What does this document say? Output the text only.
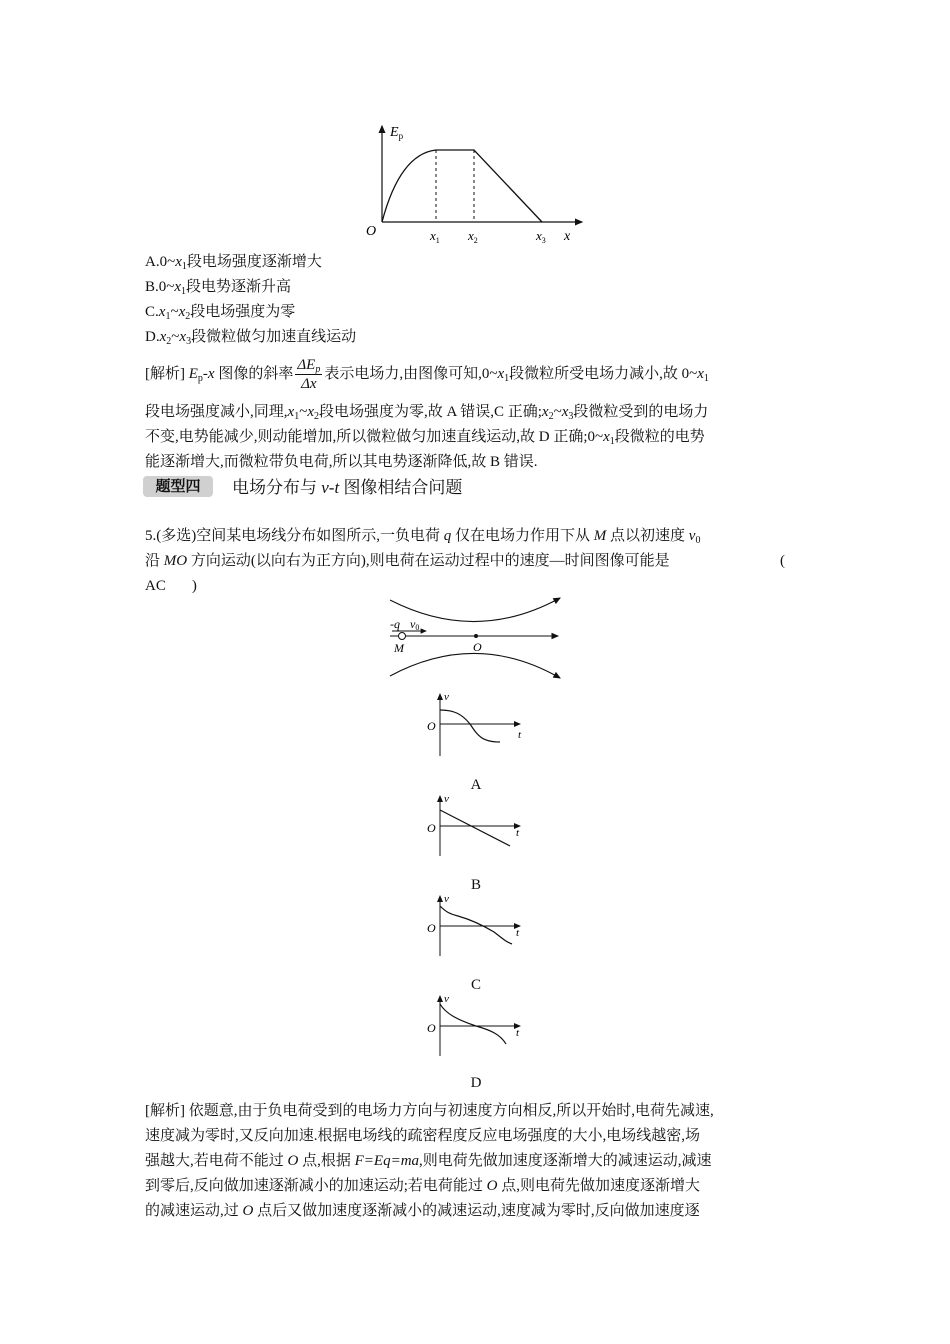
$E_p$
O	x
$x_1$ $x_2$	$x_3$
$A.0\sim x_1$段电场强度逐渐增大
$B.0\sim x_1$段电势逐渐升高
$C.x_1\sim x_2$段电场强度为零
$D.x_2\sim x_3$段微粒做匀加速直线运动
[解析] $E_p-x$ 图像的斜率 $\frac{\Delta E_p}{\Delta x}$ 表示电场力,由图像可知$,0\sim x_1$段微粒所受电场力减小,故 $0\sim x_1$
段电场强度减小,同理$,x_1\sim x_2$段电场强度为零,故 A 错误,C 正确$;x_2\sim x_3$段微粒受到的电场力
不变,电势能减少,则动能增加,所以微粒做匀加速直线运动,故 D 正确$;0\sim x_1$段微粒的电势
能逐渐增大,而微粒带负电荷,所以其电势逐渐降低,故 B 错误.
题型四	电场分布与 v-t 图像相结合问题
5.(多选)空间某电场线分布如图所示,一负电荷 q 仅在电场力作用下从 M 点以初速度 $v_0$
沿 MO 方向运动(以向右为正方向),则电荷在运动过程中的速度—时间图像可能是	(
AC )
-q v0
M	O
v
O
t
A
v
O	t
B
v
O	t
C
v
O	t
D
[解析] 依题意,由于负电荷受到的电场力方向与初速度方向相反,所以开始时,电荷先减速,
速度减为零时,又反向加速.根据电场线的疏密程度反应电场强度的大小,电场线越密,场
强越大,若电荷不能过 O 点,根据 F=Eq=ma,则电荷先做加速度逐渐增大的减速运动,减速
到零后,反向做加速逐渐减小的加速运动;若电荷能过 O 点,则电荷先做加速度逐渐增大
的减速运动,过 O 点后又做加速度逐渐减小的减速运动,速度减为零时,反向做加速度逐
